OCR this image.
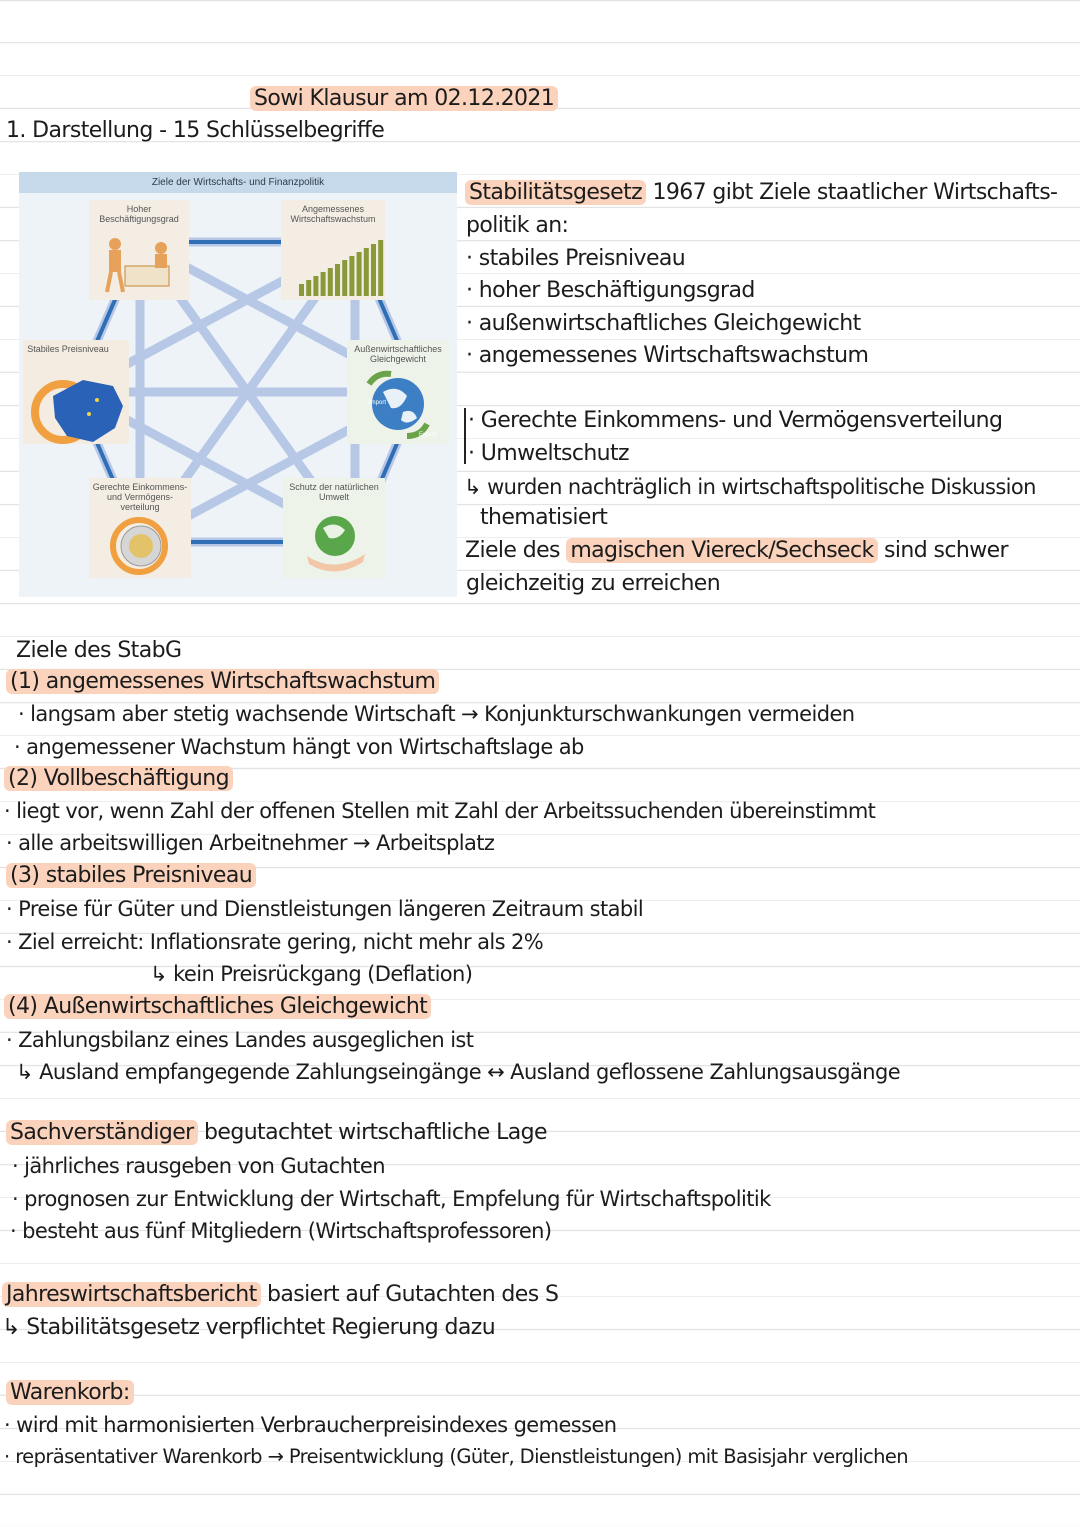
Sowi Klausur am 02.12.2021
1. Darstellung - 15 Schlüsselbegriffe
Ziele der Wirtschafts- und Finanzpolitik
Hoher Beschäftigungsgrad
Angemessenes Wirtschaftswachstum
Stabiles Preisniveau	Außenwirtschaftliches Gleichgewicht
Import
Export
Gerechte Einkommens- und Vermögens-verteilung
Schutz der natürlichen Umwelt
Stabilitätsgesetz 1967 gibt Ziele staatlicher Wirtschafts-
politik an:
· stabiles Preisniveau
· hoher Beschäftigungsgrad
· außenwirtschaftliches Gleichgewicht
· angemessenes Wirtschaftswachstum
· Gerechte Einkommens- und Vermögensverteilung
· Umweltschutz
↳ wurden nachträglich in wirtschaftspolitische Diskussion
thematisiert
Ziele des magischen Viereck/Sechseck sind schwer
gleichzeitig zu erreichen
Ziele des StabG
(1) angemessenes Wirtschaftswachstum
· langsam aber stetig wachsende Wirtschaft → Konjunkturschwankungen vermeiden
· angemessener Wachstum hängt von Wirtschaftslage ab
(2) Vollbeschäftigung
· liegt vor, wenn Zahl der offenen Stellen mit Zahl der Arbeitssuchenden übereinstimmt
· alle arbeitswilligen Arbeitnehmer → Arbeitsplatz
(3) stabiles Preisniveau
· Preise für Güter und Dienstleistungen längeren Zeitraum stabil
· Ziel erreicht: Inflationsrate gering, nicht mehr als 2%
↳ kein Preisrückgang (Deflation)
(4) Außenwirtschaftliches Gleichgewicht
· Zahlungsbilanz eines Landes ausgeglichen ist
↳ Ausland empfangegende Zahlungseingänge ↔ Ausland geflossene Zahlungsausgänge
Sachverständiger begutachtet wirtschaftliche Lage
· jährliches rausgeben von Gutachten
· prognosen zur Entwicklung der Wirtschaft, Empfelung für Wirtschaftspolitik
· besteht aus fünf Mitgliedern (Wirtschaftsprofessoren)
Jahreswirtschaftsbericht basiert auf Gutachten des S
↳ Stabilitätsgesetz verpflichtet Regierung dazu
Warenkorb:
· wird mit harmonisierten Verbraucherpreisindexes gemessen
· repräsentativer Warenkorb → Preisentwicklung (Güter, Dienstleistungen) mit Basisjahr verglichen
